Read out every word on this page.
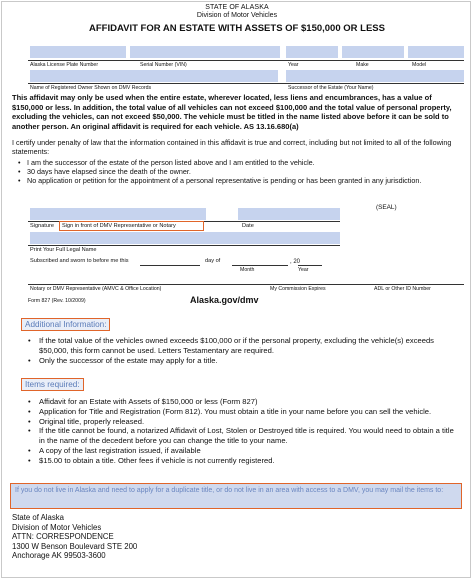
STATE OF ALASKA
Division of Motor Vehicles
AFFIDAVIT FOR AN ESTATE WITH ASSETS OF $150,000 OR LESS
Alaska License Plate Number	Serial Number (VIN)	Year	Make	Model
Name of Registered Owner Shown on DMV Records	Successor of the Estate (Your Name)
This affidavit may only be used when the entire estate, wherever located, less liens and encumbrances, has a value of $150,000 or less. In addition, the total value of all vehicles can not exceed $100,000 and the total value of personal property, excluding the vehicles, can not exceed $50,000. The vehicle must be titled in the name listed above before it can be sold to another person. An original affidavit is required for each vehicle. AS 13.16.680(a)
I certify under penalty of law that the information contained in this affidavit is true and correct, including but not limited to all of the following statements:
• I am the successor of the estate of the person listed above and I am entitled to the vehicle.
• 30 days have elapsed since the death of the owner.
• No application or petition for the appointment of a personal representative is pending or has been granted in any jurisdiction.
(SEAL)
Signature Sign in front of DMV Representative or Notary	Date
Print Your Full Legal Name
Subscribed and sworn to before me this	day of	, 20
Month	Year
Notary or DMV Representative (AMVC & Office Location)	My Commission Expires	ADL or Other ID Number
Form 827 (Rev. 10/2009)	Alaska.gov/dmv
Additional Information:
• If the total value of the vehicles owned exceeds $100,000 or if the personal property, excluding the vehicle(s) exceeds $50,000, this form cannot be used. Letters Testamentary are required.
• Only the successor of the estate may apply for a title.
Items required:
• Affidavit for an Estate with Assets of $150,000 or less (Form 827)
• Application for Title and Registration (Form 812). You must obtain a title in your name before you can sell the vehicle.
• Original title, properly released.
• If the title cannot be found, a notarized Affidavit of Lost, Stolen or Destroyed title is required. You would need to obtain a title in the name of the decedent before you can change the title to your name.
• A copy of the last registration issued, if available
• $15.00 to obtain a title. Other fees if vehicle is not currently registered.
If you do not live in Alaska and need to apply for a duplicate title, or do not live in an area with access to a DMV, you may mail the items to:
State of Alaska
Division of Motor Vehicles
ATTN: CORRESPONDENCE
1300 W Benson Boulevard STE 200
Anchorage AK 99503-3600
